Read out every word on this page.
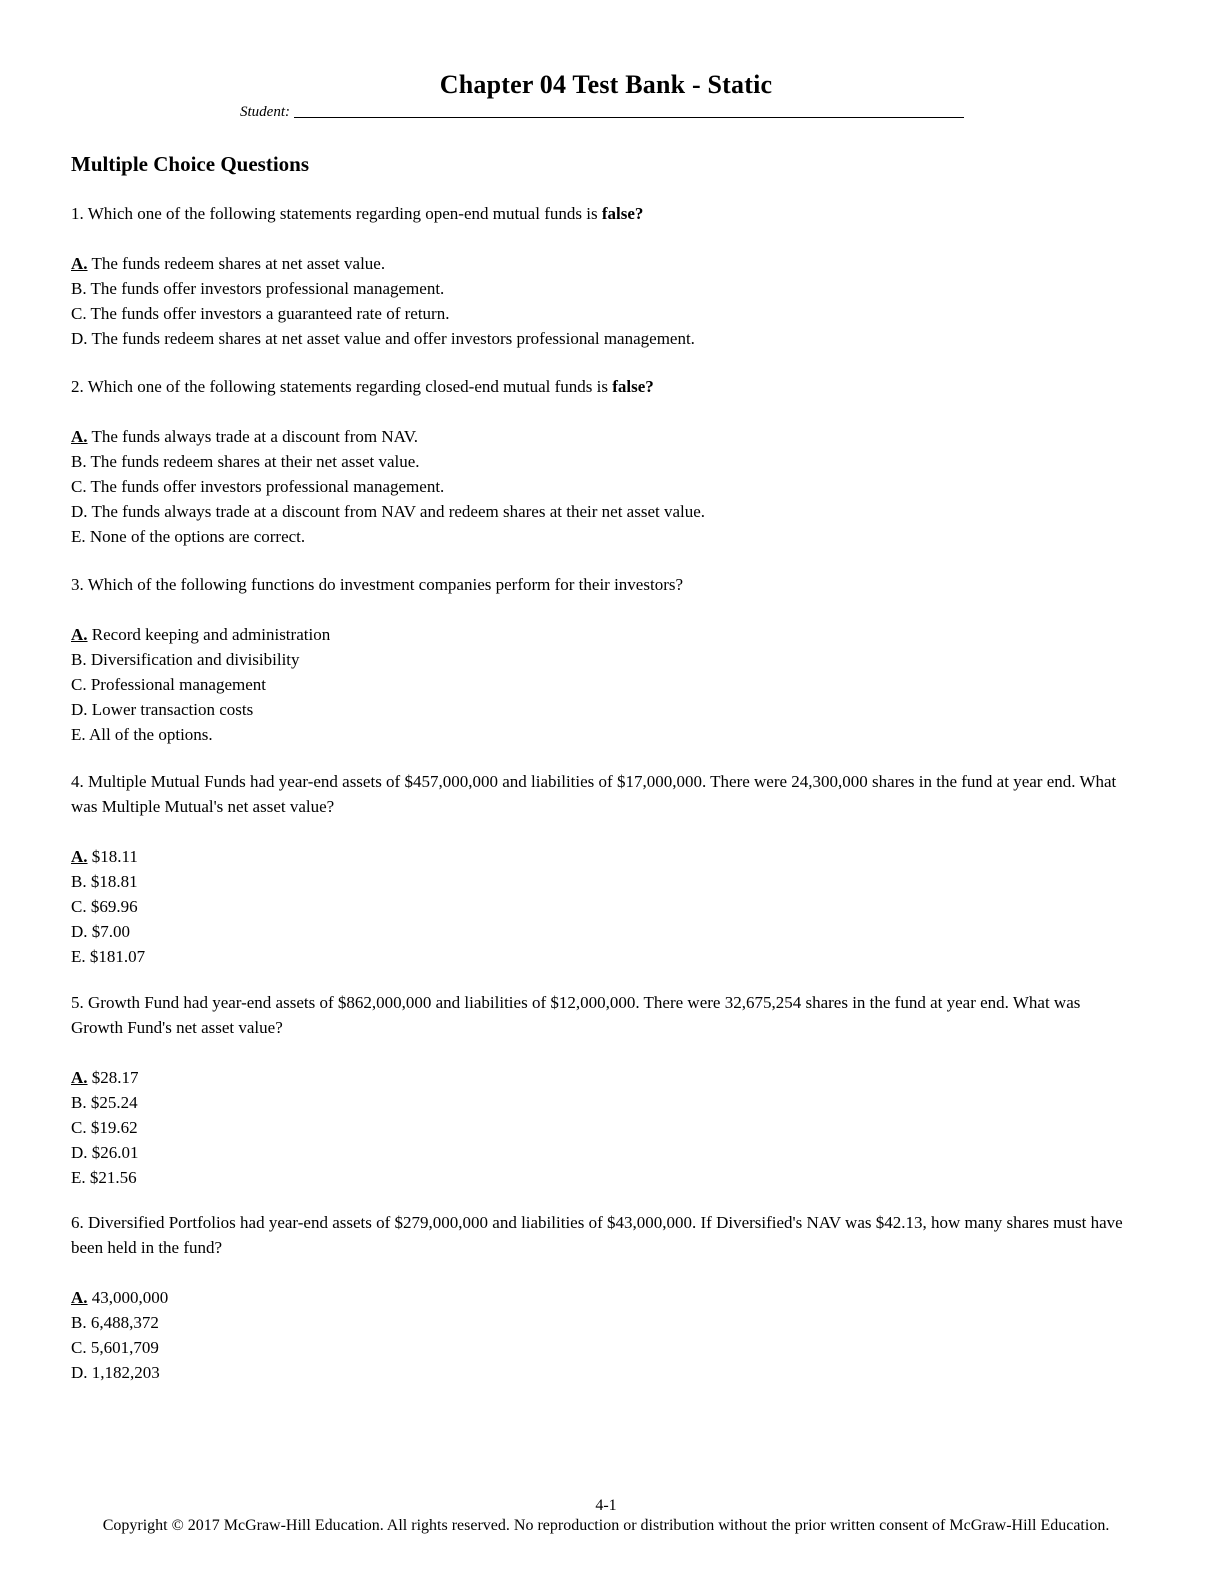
Chapter 04 Test Bank - Static
Student:
Multiple Choice Questions

1. Which one of the following statements regarding open-end mutual funds is false?

A. The funds redeem shares at net asset value.

B. The funds offer investors professional management.

C. The funds offer investors a guaranteed rate of return.

D. The funds redeem shares at net asset value and offer investors professional management.

2. Which one of the following statements regarding closed-end mutual funds is false?

A. The funds always trade at a discount from NAV.

B. The funds redeem shares at their net asset value.

C. The funds offer investors professional management.

D. The funds always trade at a discount from NAV and redeem shares at their net asset value.

E. None of the options are correct.

3. Which of the following functions do investment companies perform for their investors?

A. Record keeping and administration

B. Diversification and divisibility

C. Professional management

D. Lower transaction costs

E. All of the options.

4. Multiple Mutual Funds had year-end assets of $457,000,000 and liabilities of $17,000,000. There were 24,300,000 shares in the fund at year end. What was Multiple Mutual's net asset value?

A. $18.11

B. $18.81

C. $69.96

D. $7.00

E. $181.07

5. Growth Fund had year-end assets of $862,000,000 and liabilities of $12,000,000. There were 32,675,254 shares in the fund at year end. What was Growth Fund's net asset value?

A. $28.17

B. $25.24

C. $19.62

D. $26.01

E. $21.56

6. Diversified Portfolios had year-end assets of $279,000,000 and liabilities of $43,000,000. If Diversified's NAV was $42.13, how many shares must have been held in the fund?

A. 43,000,000

B. 6,488,372

C. 5,601,709

D. 1,182,203

4-1
Copyright © 2017 McGraw-Hill Education. All rights reserved. No reproduction or distribution without the prior written consent of McGraw-Hill Education.
